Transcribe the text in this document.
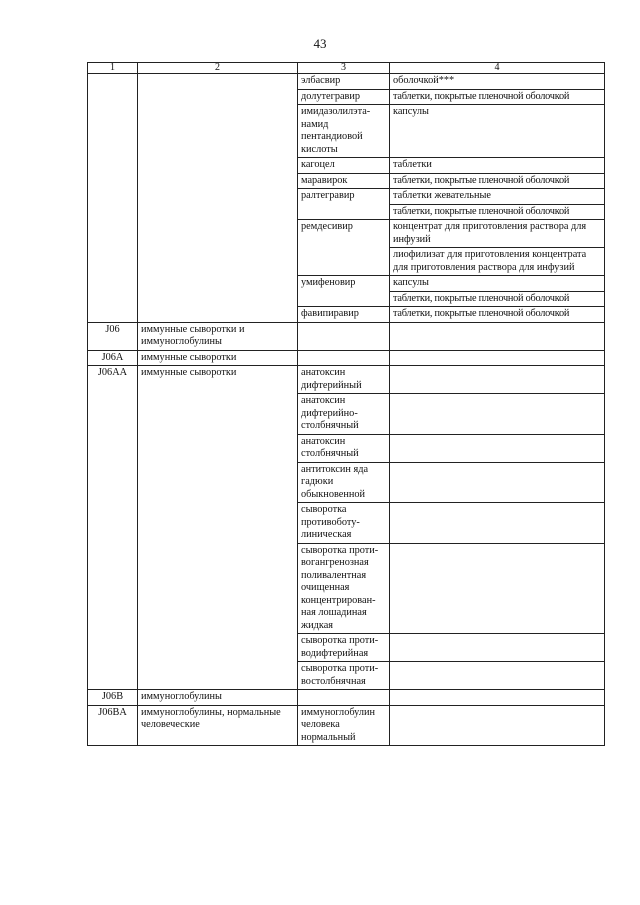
43
1	2	3	4
		элбасвир	оболочкой***
		долутегравир	таблетки, покрытые пленочной оболочкой
		имидазолилэта-намид пентандиовой кислоты	капсулы
		кагоцел	таблетки
		маравирок	таблетки, покрытые пленочной оболочкой
		ралтегравир	таблетки жевательные
			таблетки, покрытые пленочной оболочкой
		ремдесивир	концентрат для приготовления раствора для инфузий
			лиофилизат для приготовления концентрата для приготовления раствора для инфузий
		умифеновир	капсулы
			таблетки, покрытые пленочной оболочкой
		фавипиравир	таблетки, покрытые пленочной оболочкой
J06	иммунные сыворотки и иммуноглобулины		
J06A	иммунные сыворотки		
J06AA	иммунные сыворотки	анатоксин дифтерийный	
		анатоксин дифтерийно-столбнячный	
		анатоксин столбнячный	
		антитоксин яда гадюки обыкновенной	
		сыворотка противоботу-линическая	
		сыворотка проти-вогангренозная поливалентная очищенная концентрирован-ная лошадиная жидкая	
		сыворотка проти-водифтерийная	
		сыворотка проти-востолбнячная	
J06B	иммуноглобулины		
J06BA	иммуноглобулины, нормальные человеческие	иммуноглобулин человека нормальный	
